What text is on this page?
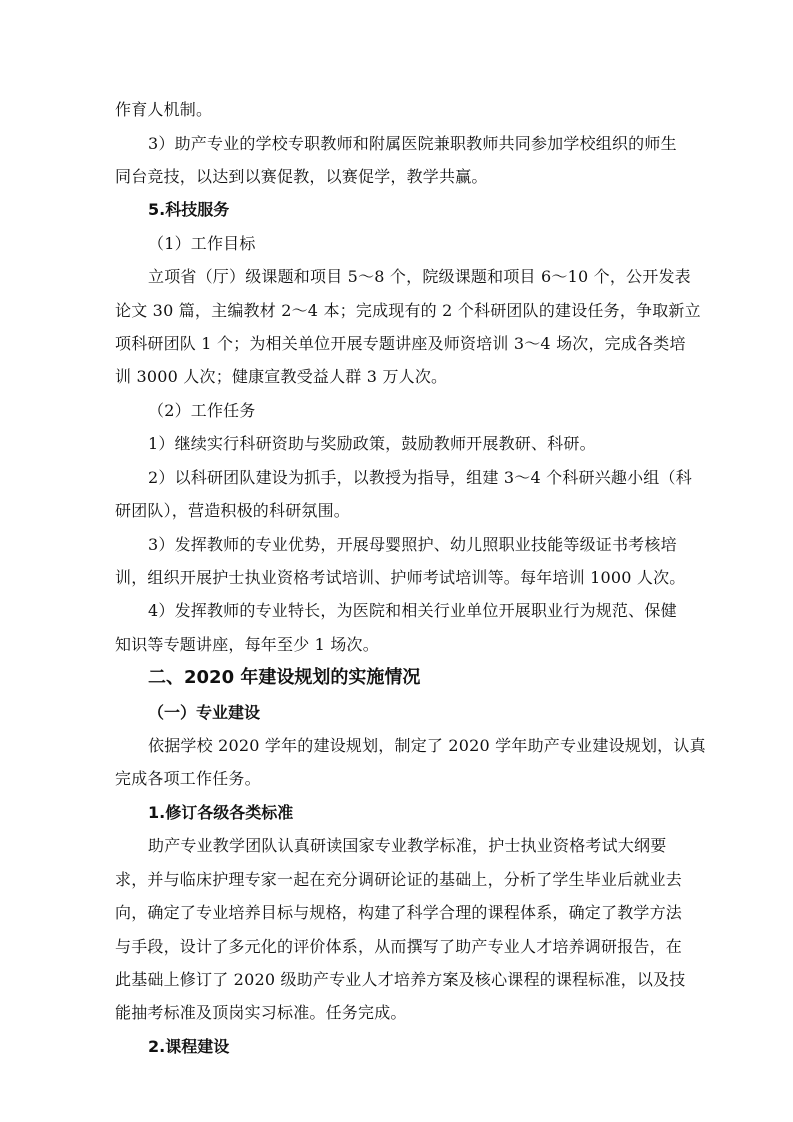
作育人机制。
3）助产专业的学校专职教师和附属医院兼职教师共同参加学校组织的师生
同台竞技，以达到以赛促教，以赛促学，教学共赢。
5.科技服务
（1）工作目标
立项省（厅）级课题和项目 5～8 个，院级课题和项目 6～10 个，公开发表
论文 30 篇，主编教材 2～4 本；完成现有的 2 个科研团队的建设任务，争取新立
项科研团队 1 个；为相关单位开展专题讲座及师资培训 3～4 场次，完成各类培
训 3000 人次；健康宣教受益人群 3 万人次。
（2）工作任务
1）继续实行科研资助与奖励政策，鼓励教师开展教研、科研。
2）以科研团队建设为抓手，以教授为指导，组建 3～4 个科研兴趣小组（科
研团队），营造积极的科研氛围。
3）发挥教师的专业优势，开展母婴照护、幼儿照职业技能等级证书考核培
训，组织开展护士执业资格考试培训、护师考试培训等。每年培训 1000 人次。
4）发挥教师的专业特长，为医院和相关行业单位开展职业行为规范、保健
知识等专题讲座，每年至少 1 场次。
二、2020 年建设规划的实施情况
（一）专业建设
依据学校 2020 学年的建设规划，制定了 2020 学年助产专业建设规划，认真
完成各项工作任务。
1.修订各级各类标准
助产专业教学团队认真研读国家专业教学标准，护士执业资格考试大纲要
求，并与临床护理专家一起在充分调研论证的基础上，分析了学生毕业后就业去
向，确定了专业培养目标与规格，构建了科学合理的课程体系，确定了教学方法
与手段，设计了多元化的评价体系，从而撰写了助产专业人才培养调研报告，在
此基础上修订了 2020 级助产专业人才培养方案及核心课程的课程标准，以及技
能抽考标准及顶岗实习标准。任务完成。
2.课程建设
